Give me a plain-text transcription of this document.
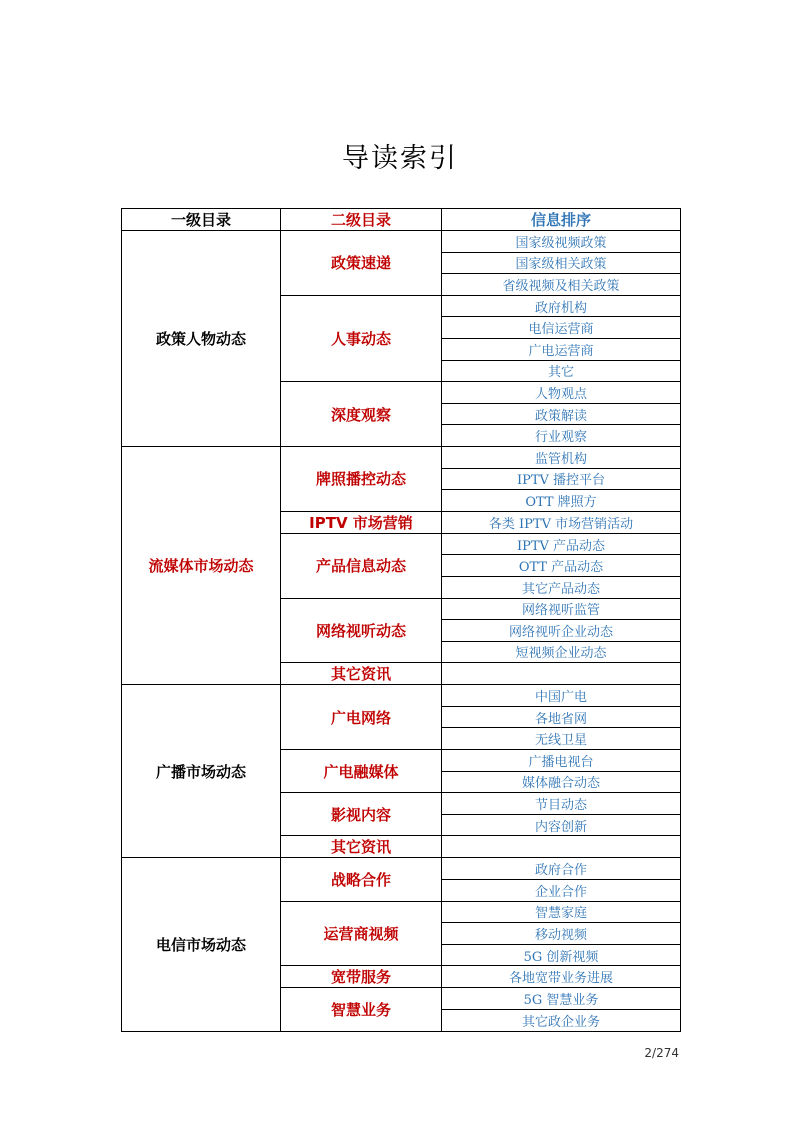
导读索引
一级目录	二级目录	信息排序
政策人物动态	政策速递	国家级视频政策
		国家级相关政策
		省级视频及相关政策
	人事动态	政府机构
		电信运营商
		广电运营商
		其它
	深度观察	人物观点
		政策解读
		行业观察
流媒体市场动态	牌照播控动态	监管机构
		IPTV 播控平台
		OTT 牌照方
	IPTV 市场营销	各类 IPTV 市场营销活动
	产品信息动态	IPTV 产品动态
		OTT 产品动态
		其它产品动态
	网络视听动态	网络视听监管
		网络视听企业动态
		短视频企业动态
	其它资讯	
广播市场动态	广电网络	中国广电
		各地省网
		无线卫星
	广电融媒体	广播电视台
		媒体融合动态
	影视内容	节目动态
		内容创新
	其它资讯	
电信市场动态	战略合作	政府合作
		企业合作
	运营商视频	智慧家庭
		移动视频
		5G 创新视频
	宽带服务	各地宽带业务进展
	智慧业务	5G 智慧业务
		其它政企业务
2/274
